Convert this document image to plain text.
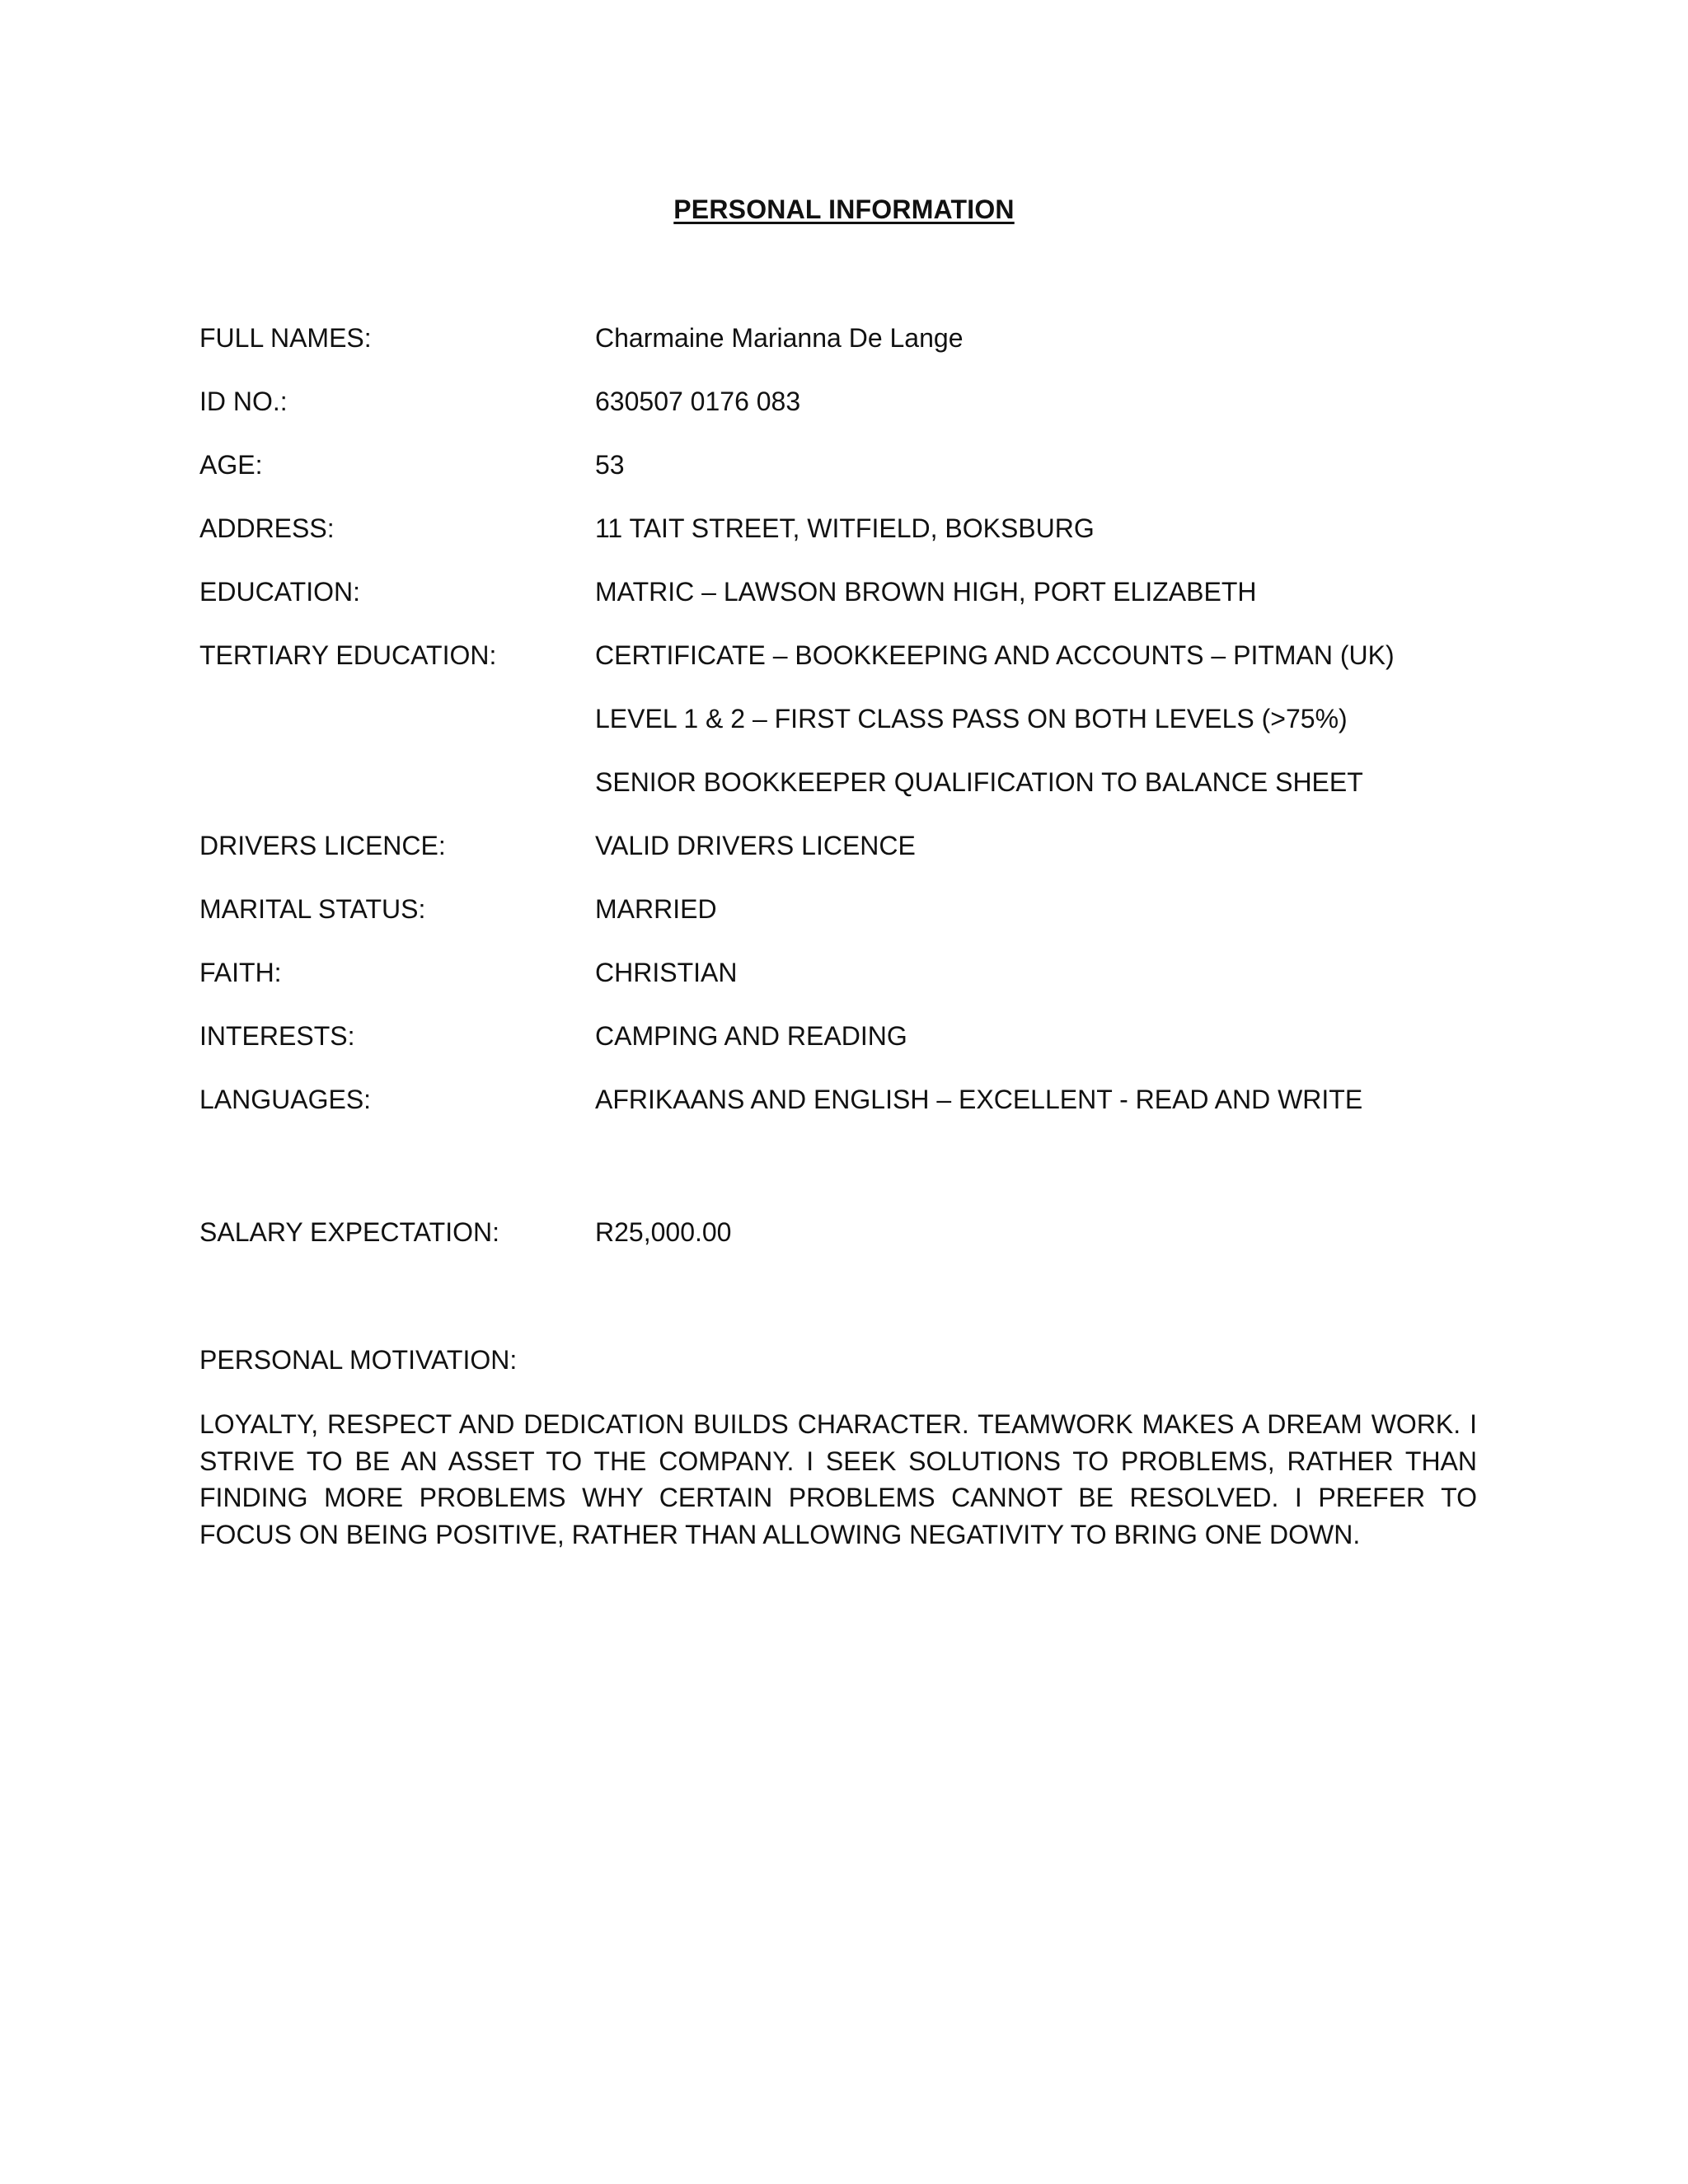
PERSONAL INFORMATION
FULL NAMES:	Charmaine Marianna De Lange
ID NO.:	630507 0176 083
AGE:	53
ADDRESS:	11 TAIT STREET, WITFIELD, BOKSBURG
EDUCATION:	MATRIC – LAWSON BROWN HIGH, PORT ELIZABETH
TERTIARY EDUCATION:	CERTIFICATE – BOOKKEEPING AND ACCOUNTS – PITMAN (UK)
LEVEL 1 & 2 – FIRST CLASS PASS ON BOTH LEVELS (>75%)
SENIOR BOOKKEEPER QUALIFICATION TO BALANCE SHEET
DRIVERS LICENCE:	VALID DRIVERS LICENCE
MARITAL STATUS:	MARRIED
FAITH:	CHRISTIAN
INTERESTS:	CAMPING AND READING
LANGUAGES:	AFRIKAANS AND ENGLISH – EXCELLENT - READ AND WRITE
SALARY EXPECTATION:	R25,000.00
PERSONAL MOTIVATION:
LOYALTY, RESPECT AND DEDICATION BUILDS CHARACTER. TEAMWORK MAKES A DREAM WORK. I STRIVE TO BE AN ASSET TO THE COMPANY. I SEEK SOLUTIONS TO PROBLEMS, RATHER THAN FINDING MORE PROBLEMS WHY CERTAIN PROBLEMS CANNOT BE RESOLVED. I PREFER TO FOCUS ON BEING POSITIVE, RATHER THAN ALLOWING NEGATIVITY TO BRING ONE DOWN.
